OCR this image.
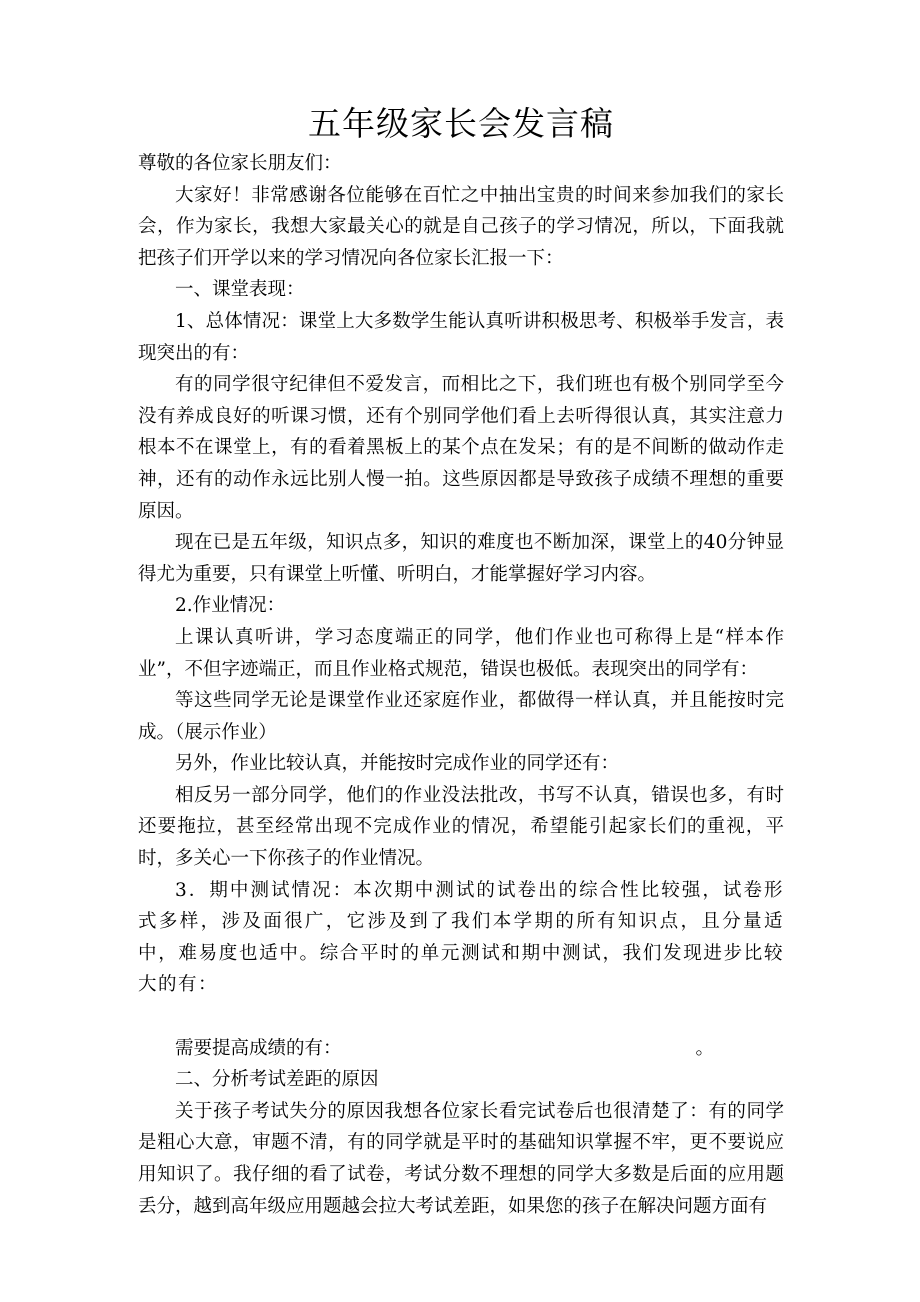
五年级家长会发言稿

尊敬的各位家长朋友们：

大家好！非常感谢各位能够在百忙之中抽出宝贵的时间来参加我们的家长会，作为家长，我想大家最关心的就是自己孩子的学习情况，所以，下面我就把孩子们开学以来的学习情况向各位家长汇报一下：

一、课堂表现：

1、总体情况：课堂上大多数学生能认真听讲积极思考、积极举手发言，表现突出的有：

有的同学很守纪律但不爱发言，而相比之下，我们班也有极个别同学至今没有养成良好的听课习惯，还有个别同学他们看上去听得很认真，其实注意力根本不在课堂上，有的看着黑板上的某个点在发呆；有的是不间断的做动作走神，还有的动作永远比别人慢一拍。这些原因都是导致孩子成绩不理想的重要原因。

现在已是五年级，知识点多，知识的难度也不断加深，课堂上的40分钟显得尤为重要，只有课堂上听懂、听明白，才能掌握好学习内容。

2.作业情况：

上课认真听讲，学习态度端正的同学，他们作业也可称得上是“样本作业”，不但字迹端正，而且作业格式规范，错误也极低。表现突出的同学有：

等这些同学无论是课堂作业还家庭作业，都做得一样认真，并且能按时完成。（展示作业）

另外，作业比较认真，并能按时完成作业的同学还有：

相反另一部分同学，他们的作业没法批改，书写不认真，错误也多，有时还要拖拉，甚至经常出现不完成作业的情况，希望能引起家长们的重视，平时，多关心一下你孩子的作业情况。

3．期中测试情况：本次期中测试的试卷出的综合性比较强，试卷形式多样，涉及面很广，它涉及到了我们本学期的所有知识点，且分量适中，难易度也适中。综合平时的单元测试和期中测试，我们发现进步比较大的有：

需要提高成绩的有：	。

二、分析考试差距的原因

关于孩子考试失分的原因我想各位家长看完试卷后也很清楚了：有的同学是粗心大意，审题不清，有的同学就是平时的基础知识掌握不牢，更不要说应用知识了。我仔细的看了试卷，考试分数不理想的同学大多数是后面的应用题丢分，越到高年级应用题越会拉大考试差距，如果您的孩子在解决问题方面有
